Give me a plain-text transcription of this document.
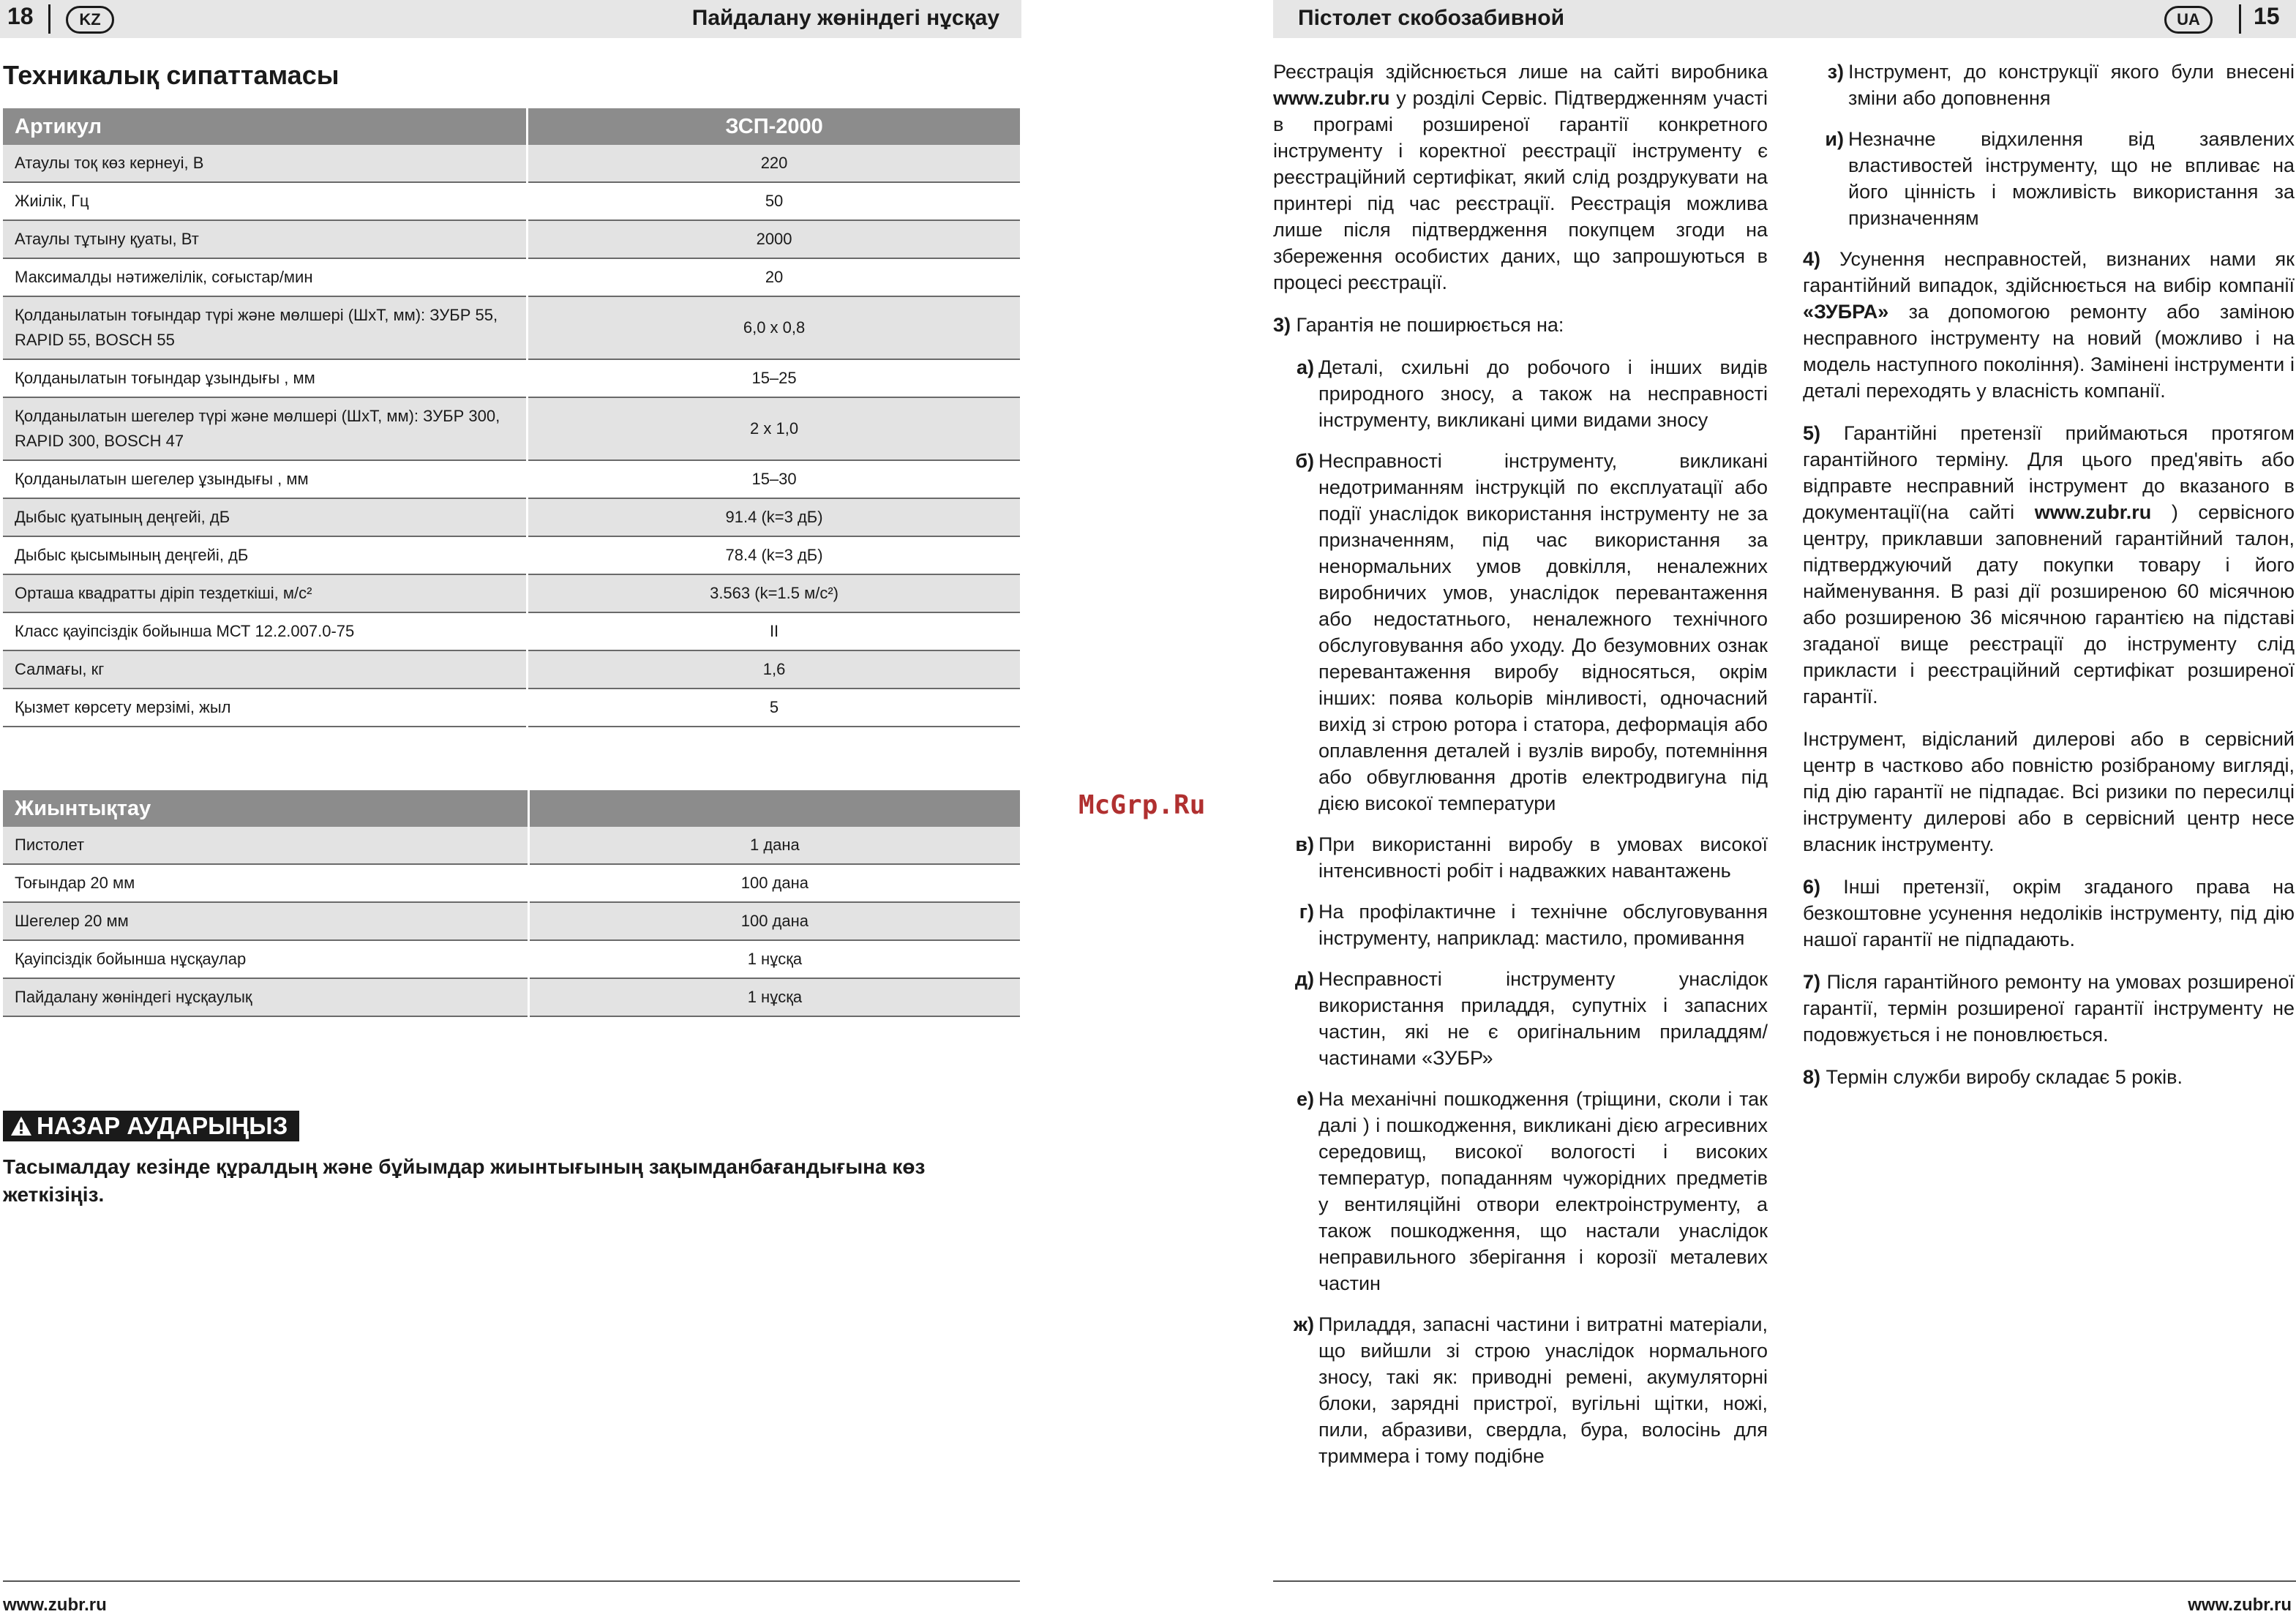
18	KZ	Пайдалану жөніндегі нұсқау
Техникалық сипаттамасы
Артикул	ЗСП-2000
Атаулы тоқ көз кернеуі, В	220
Жиілік, Гц	50
Атаулы тұтыну қуаты, Вт	2000
Максималды нәтижелілік, соғыстар/мин	20
Қолданылатын тоғындар түрі және мөлшері (ШхТ, мм): ЗУБР 55, RAPID 55, BOSCH 55	6,0 х 0,8
Қолданылатын тоғындар ұзындығы , мм	15–25
Қолданылатын шегелер түрі және мөлшері (ШхТ, мм): ЗУБР 300, RAPID 300, BOSCH 47	2 х 1,0
Қолданылатын шегелер ұзындығы , мм	15–30
Дыбыс қуатының деңгейі, дБ	91.4 (k=3 дБ)
Дыбыс қысымының деңгейі, дБ	78.4 (k=3 дБ)
Орташа квадратты діріп тездеткіші, м/с²	3.563 (k=1.5 м/с²)
Класс қауіпсіздік бойынша МСТ 12.2.007.0-75	II
Салмағы, кг	1,6
Қызмет көрсету мерзімі, жыл	5
Жиынтықтау	
Пистолет	1 дана
Тоғындар 20 мм	100 дана
Шегелер 20 мм	100 дана
Қауіпсіздік бойынша нұсқаулар	1 нұсқа
Пайдалану жөніндегі нұсқаулық	1 нұсқа
НАЗАР АУДАРЫҢЫЗ
Тасымалдау кезінде құралдың және бұйымдар жиынтығының зақымданбағандығына көз жеткізіңіз.
www.zubr.ru
McGrp.Ru
Пістолет скобозабивной	UA	15

Реєстрація здійснюється лише на сайті виробника www.zubr.ru у розділі Сервіс. Підтвердженням участі в програмі розширеної гарантії конкретного інструменту і коректної реєстрації інструменту є реєстраційний сертифікат, який слід роздрукувати на принтері під час реєстрації. Реєстрація можлива лише після підтвердження покупцем згоди на збереження особистих даних, що запрошуються в процесі реєстрації.

3) Гарантія не поширюється на:

а) Деталі, схильні до робочого і інших видів природного зносу, а також на несправності інструменту, викликані цими видами зносу
б) Несправності інструменту, викликані недотриманням інструкцій по експлуатації або події унаслідок використання інструменту не за призначенням, під час використання за ненормальних умов довкілля, неналежних виробничих умов, унаслідок перевантаження або недостатнього, неналежного технічного обслуговування або уходу. До безумовних ознак перевантаження виробу відносяться, окрім інших: поява кольорів мінливості, одночасний вихід зі строю ротора і статора, деформація або оплавлення деталей і вузлів виробу, потемніння або обвуглювання дротів електродвигуна під дією високої температури
в) При використанні виробу в умовах високої інтенсивності робіт і надважких навантажень
г) На профілактичне і технічне обслуговування інструменту, наприклад: мастило, промивання
д) Несправності інструменту унаслідок використання приладдя, супутніх і запасних частин, які не є оригінальним приладдям/частинами «ЗУБР»
е) На механічні пошкодження (тріщини, сколи і так далі ) і пошкодження, викликані дією агресивних середовищ, високої вологості і високих температур, попаданням чужорідних предметів у вентиляційні отвори електроінструменту, а також пошкодження, що настали унаслідок неправильного зберігання і корозії металевих частин
ж) Приладдя, запасні частини і витратні матеріали, що вийшли зі строю унаслідок нормального зносу, такі як: приводні ремені, акумуляторні блоки, зарядні пристрої, вугільні щітки, ножі, пили, абразиви, свердла, бура, волосінь для триммера і тому подібне
з) Інструмент, до конструкції якого були внесені зміни або доповнення
и) Незначне відхилення від заявлених властивостей інструменту, що не впливає на його цінність і можливість використання за призначенням

4) Усунення несправностей, визнаних нами як гарантійний випадок, здійснюється на вибір компанії «ЗУБРА» за допомогою ремонту або заміною несправного інструменту на новий (можливо і на модель наступного покоління). Замінені інструменти і деталі переходять у власність компанії.

5) Гарантійні претензії приймаються протягом гарантійного терміну. Для цього пред'явіть або відправте несправний інструмент до вказаного в документації(на сайті www.zubr.ru ) сервісного центру, приклавши заповнений гарантійний талон, підтверджуючий дату покупки товару і його найменування. В разі дії розширеною 60 місячною або розширеною 36 місячною гарантією на підставі згаданої вище реєстрації до інструменту слід прикласти і реєстраційний сертифікат розширеної гарантії.

Інструмент, відісланий дилерові або в сервісний центр в частково або повністю розібраному вигляді, під дію гарантії не підпадає. Всі ризики по пересилці інструменту дилерові або в сервісний центр несе власник інструменту.

6) Інші претензії, окрім згаданого права на безкоштовне усунення недоліків інструменту, під дію нашої гарантії не підпадають.

7) Після гарантійного ремонту на умовах розширеної гарантії, термін розширеної гарантії інструменту не подовжується і не поновлюється.

8) Термін служби виробу складає 5 років.

www.zubr.ru
